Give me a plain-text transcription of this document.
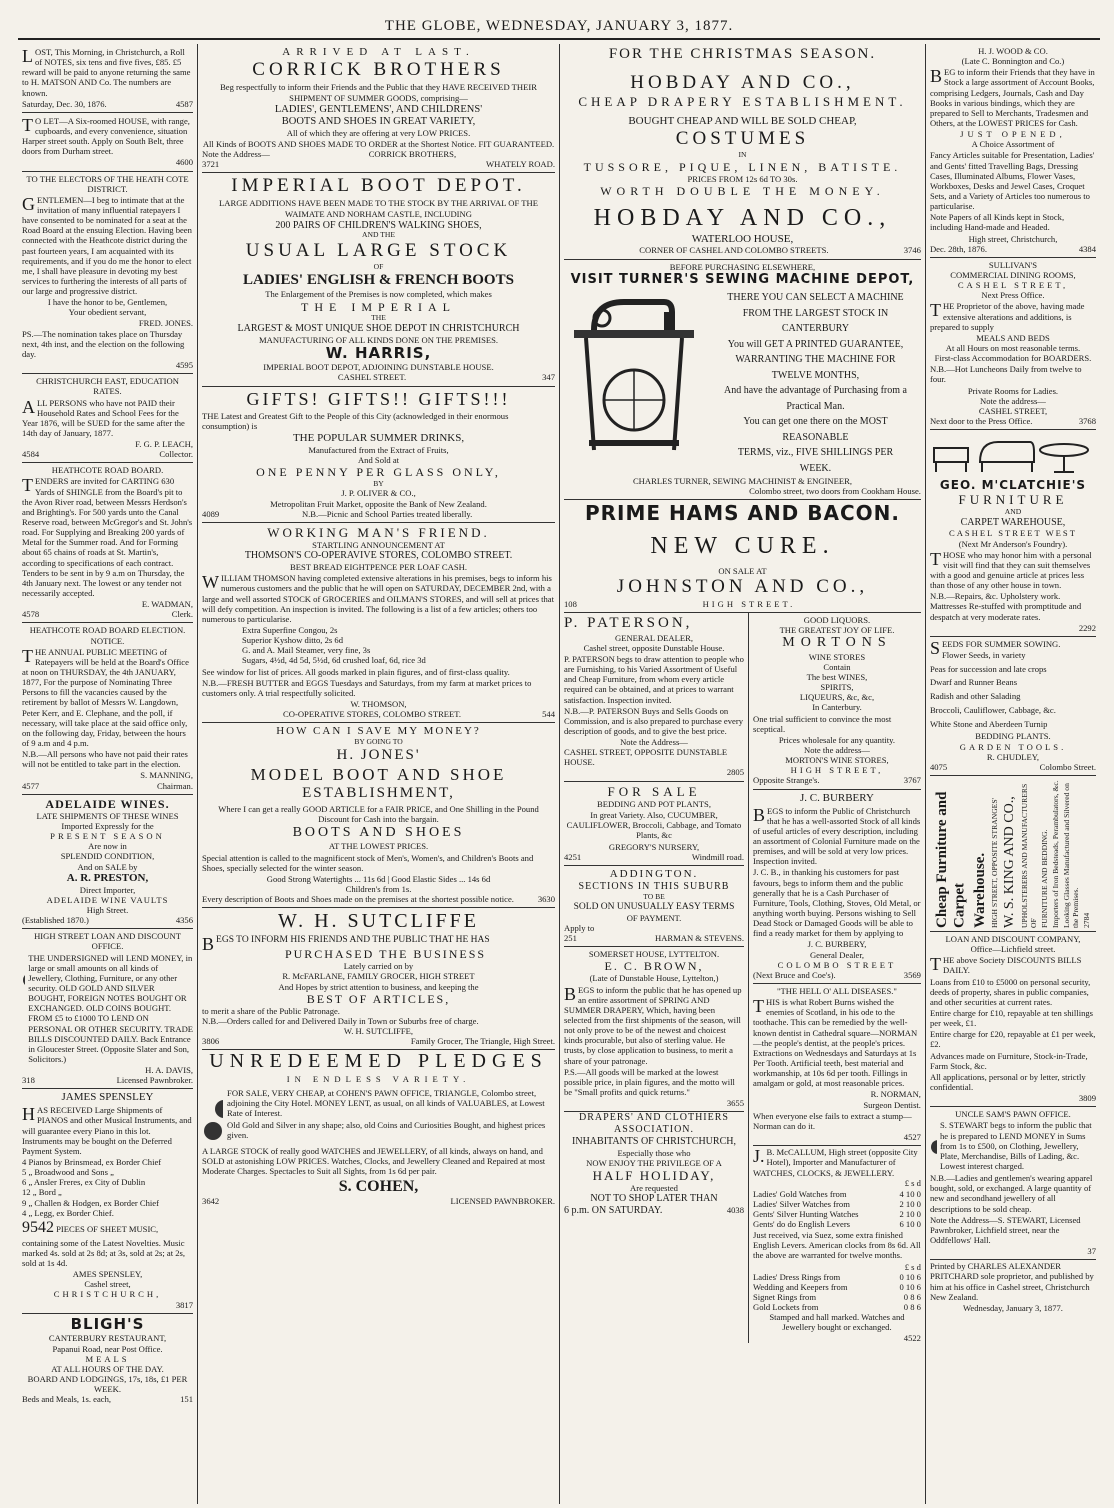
THE GLOBE, WEDNESDAY, JANUARY 3, 1877.

LOST, This Morning, in Christchurch, a Roll of NOTES, six tens and five fives, £85. £5 reward will be paid to anyone returning the same to H. MATSON AND Co. The numbers are known.

Saturday, Dec. 30, 1876.	4587

TO LET—A Six-roomed HOUSE, with range, cupboards, and every convenience, situation Harper street south. Apply on South Belt, three doors from Durham street.

4600
TO THE ELECTORS OF THE HEATH COTE DISTRICT.

GENTLEMEN—I beg to intimate that at the invitation of many influential ratepayers I have consented to be nominated for a seat at the Road Board at the ensuing Election. Having been connected with the Heathcote district during the past fourteen years, I am acquainted with its requirements, and if you do me the honor to elect me, I shall have pleasure in devoting my best services to furthering the interests of all parts of our large and progressive district.

I have the honor to be, Gentlemen,
Your obedient servant,
FRED. JONES.

PS.—The nomination takes place on Thursday next, 4th inst, and the election on the following day.

4595
CHRISTCHURCH EAST, EDUCATION RATES.

ALL PERSONS who have not PAID their Household Rates and School Fees for the Year 1876, will be SUED for the same after the 14th day of January, 1877.

F. G. P. LEACH,
4584	Collector.
HEATHCOTE ROAD BOARD.

TENDERS are invited for CARTING 630 Yards of SHINGLE from the Board's pit to the Avon River road, between Messrs Herdson's and Brighting's. For 500 yards unto the Canal Reserve road, between McGregor's and St. John's road. For Supplying and Breaking 200 yards of Metal for the Summer road. And for Forming about 65 chains of roads at St. Martin's, according to specifications of each contract. Tenders to be sent in by 9 a.m on Thursday, the 4th January next. The lowest or any tender not necessarily accepted.

E. WADMAN,
4578	Clerk.
HEATHCOTE ROAD BOARD ELECTION.
NOTICE.

THE ANNUAL PUBLIC MEETING of Ratepayers will be held at the Board's Office at noon on THURSDAY, the 4th JANUARY, 1877, For the purpose of Nominating Three Persons to fill the vacancies caused by the retirement by ballot of Messrs W. Langdown, Peter Kerr, and E. Clephane, and the poll, if necessary, will take place at the said office only, on the following day, Friday, between the hours of 9 a.m and 4 p.m.

N.B.—All persons who have not paid their rates will not be entitled to take part in the election.

S. MANNING,
4577	Chairman.
ADELAIDE WINES.
LATE SHIPMENTS OF THESE WINES
Imported Expressly for the
PRESENT SEASON
Are now in
SPLENDID CONDITION,
And on SALE by
A. R. PRESTON,
Direct Importer,
ADELAIDE WINE VAULTS
High Street.
(Established 1870.)	4356
HIGH STREET LOAN AND DISCOUNT OFFICE.

THE UNDERSIGNED will LEND MONEY, in large or small amounts on all kinds of Jewellery, Clothing, Furniture, or any other security. OLD GOLD AND SILVER BOUGHT, FOREIGN NOTES BOUGHT OR EXCHANGED. OLD COINS BOUGHT. FROM £5 to £1000 TO LEND ON PERSONAL OR OTHER SECURITY. TRADE BILLS DISCOUNTED DAILY. Back Entrance in Gloucester Street. (Opposite Slater and Son, Solicitors.)

H. A. DAVIS,
318	Licensed Pawnbroker.
JAMES SPENSLEY

HAS RECEIVED Large Shipments of PIANOS and other Musical Instruments, and will guarantee every Piano in this lot. Instruments may be bought on the Deferred Payment System.

4 Pianos by Brinsmead, ex Border Chief
5 „ Broadwood and Sons „
6 „ Ansler Freres, ex City of Dublin
12 „ Bord „
9 „ Challen & Hodgen, ex Border Chief
4 „ Legg, ex Border Chief.

9542 PIECES OF SHEET MUSIC, containing some of the Latest Novelties. Music marked 4s. sold at 2s 8d; at 3s, sold at 2s; at 2s, sold at 1s 4d.

AMES SPENSLEY,
Cashel street,
CHRISTCHURCH,
3817
BLIGH'S
CANTERBURY RESTAURANT,
Papanui Road, near Post Office.
MEALS
AT ALL HOURS OF THE DAY.
BOARD AND LODGINGS, 17s, 18s, £1 PER WEEK.
Beds and Meals, 1s. each,	151
ARRIVED AT LAST.
CORRICK BROTHERS

Beg respectfully to inform their Friends and the Public that they HAVE RECEIVED THEIR SHIPMENT OF SUMMER GOODS, comprising—

LADIES', GENTLEMENS', AND CHILDRENS'
BOOTS AND SHOES IN GREAT VARIETY,
All of which they are offering at very LOW PRICES.
All Kinds of BOOTS AND SHOES MADE TO ORDER at the Shortest Notice. FIT GUARANTEED.
Note the Address—	CORRICK BROTHERS,
3721	WHATELY ROAD.
IMPERIAL BOOT DEPOT.

LARGE ADDITIONS HAVE BEEN MADE TO THE STOCK BY THE ARRIVAL OF THE WAIMATE AND NORHAM CASTLE, INCLUDING

200 PAIRS OF CHILDREN'S WALKING SHOES,
AND THE
USUAL LARGE STOCK
OF
LADIES' ENGLISH & FRENCH BOOTS
The Enlargement of the Premises is now completed, which makes
THE IMPERIAL
THE
LARGEST & MOST UNIQUE SHOE DEPOT IN CHRISTCHURCH
MANUFACTURING OF ALL KINDS DONE ON THE PREMISES.
W. HARRIS,
IMPERIAL BOOT DEPOT, ADJOINING DUNSTABLE HOUSE.
CASHEL STREET.	347
GIFTS! GIFTS!! GIFTS!!!

THE Latest and Greatest Gift to the People of this City (acknowledged in their enormous consumption) is

THE POPULAR SUMMER DRINKS,
Manufactured from the Extract of Fruits,
And Sold at
ONE PENNY PER GLASS ONLY,
BY
J. P. OLIVER & CO.,
Metropolitan Fruit Market, opposite the Bank of New Zealand.
4089	N.B.—Picnic and School Parties treated liberally.
WORKING MAN'S FRIEND.
STARTLING ANNOUNCEMENT AT
THOMSON'S CO-OPERAVIVE STORES, COLOMBO STREET.
BEST BREAD EIGHTPENCE PER LOAF CASH.

WILLIAM THOMSON having completed extensive alterations in his premises, begs to inform his numerous customers and the public that he will open on SATURDAY, DECEMBER 2nd, with a large and well assorted STOCK of GROCERIES and OILMAN'S STORES, and will sell at prices that will defy competition. An inspection is invited. The following is a list of a few articles; others too numerous to particularise.

Extra Superfine Congou, 2s
Superior Kyshow ditto, 2s 6d
G. and A. Mail Steamer, very fine, 3s
Sugars, 4½d, 4d 5d, 5½d, 6d crushed loaf, 6d, rice 3d

See window for list of prices. All goods marked in plain figures, and of first-class quality.

N.B.—FRESH BUTTER and EGGS Tuesdays and Saturdays, from my farm at market prices to customers only. A trial respectfully solicited.

W. THOMSON,
CO-OPERATIVE STORES, COLOMBO STREET.	544
HOW CAN I SAVE MY MONEY?
BY GOING TO
H. JONES'
MODEL BOOT AND SHOE
ESTABLISHMENT,

Where I can get a really GOOD ARTICLE for a FAIR PRICE, and One Shilling in the Pound Discount for Cash into the bargain.

BOOTS AND SHOES
AT THE LOWEST PRICES.

Special attention is called to the magnificent stock of Men's, Women's, and Children's Boots and Shoes, specially selected for the winter season.

Good Strong Watertights ... 11s 6d | Good Elastic Sides ... 14s 6d
Children's from 1s.
Every description of Boots and Shoes made on the premises at the shortest possible notice.	3630
W. H. SUTCLIFFE

BEGS TO INFORM HIS FRIENDS AND THE PUBLIC THAT HE HAS

PURCHASED THE BUSINESS
Lately carried on by
R. McFARLANE, FAMILY GROCER, HIGH STREET
And Hopes by strict attention to business, and keeping the
BEST OF ARTICLES,
to merit a share of the Public Patronage.
N.B.—Orders called for and Delivered Daily in Town or Suburbs free of charge.
W. H. SUTCLIFFE,
3806	Family Grocer, The Triangle, High Street.
UNREDEEMED PLEDGES
IN ENDLESS VARIETY.

FOR SALE, VERY CHEAP, at COHEN'S PAWN OFFICE, TRIANGLE, Colombo street, adjoining the City Hotel. MONEY LENT, as usual, on all kinds of VALUABLES, at Lowest Rate of Interest.

Old Gold and Silver in any shape; also, old Coins and Curiosities Bought, and highest prices given.

A LARGE STOCK of really good WATCHES and JEWELLERY, of all kinds, always on hand, and SOLD at astonishing LOW PRICES. Watches, Clocks, and Jewellery Cleaned and Repaired at most Moderate Charges. Spectacles to Suit all Sights, from 1s 6d per pair.

S. COHEN,
3642	LICENSED PAWNBROKER.
FOR THE CHRISTMAS SEASON.
HOBDAY AND CO.,
CHEAP DRAPERY ESTABLISHMENT.
BOUGHT CHEAP AND WILL BE SOLD CHEAP,
COSTUMES
IN
TUSSORE, PIQUE, LINEN, BATISTE.
PRICES FROM 12s 6d TO 30s.
WORTH DOUBLE THE MONEY.
HOBDAY AND CO.,
WATERLOO HOUSE,
CORNER OF CASHEL AND COLOMBO STREETS.	3746
BEFORE PURCHASING ELSEWHERE,
VISIT TURNER'S SEWING MACHINE DEPOT,
THERE YOU CAN SELECT A MACHINE
FROM THE LARGEST STOCK IN
CANTERBURY
You will GET A PRINTED GUARANTEE,
WARRANTING THE MACHINE FOR
TWELVE MONTHS,
And have the advantage of Purchasing from a
Practical Man.
You can get one there on the MOST REASONABLE
TERMS, viz., FIVE SHILLINGS PER
WEEK.
CHARLES TURNER, SEWING MACHINIST & ENGINEER,
Colombo street, two doors from Cookham House.
PRIME HAMS AND BACON.
NEW CURE.
ON SALE AT
JOHNSTON AND CO.,
108	HIGH STREET.
P. PATERSON,
GENERAL DEALER,
Cashel street, opposite Dunstable House.

P. PATERSON begs to draw attention to people who are Furnishing, to his Varied Assortment of Useful and Cheap Furniture, from whom every article required can be obtained, and at prices to warrant satisfaction. Inspection invited.

N.B.—P. PATERSON Buys and Sells Goods on Commission, and is also prepared to purchase every description of goods, and to give the best price.

Note the Address—
CASHEL STREET, OPPOSITE DUNSTABLE HOUSE.
2805
FOR SALE
BEDDING AND POT PLANTS,

In great Variety. Also, CUCUMBER, CAULIFLOWER, Broccoli, Cabbage, and Tomato Plants, &c

GREGORY'S NURSERY,
4251	Windmill road.
ADDINGTON.
SECTIONS IN THIS SUBURB
TO BE
SOLD ON UNUSUALLY EASY TERMS
OF PAYMENT.
Apply to
251	HARMAN & STEVENS.
SOMERSET HOUSE, LYTTELTON.
E. C. BROWN,
(Late of Dunstable House, Lyttelton,)

BEGS to inform the public that he has opened up an entire assortment of SPRING AND SUMMER DRAPERY, Which, having been selected from the first shipments of the season, will not only prove to be of the newest and choicest kinds procurable, but also of sterling value. He trusts, by close application to business, to merit a share of your patronage.

P.S.—All goods will be marked at the lowest possible price, in plain figures, and the motto will be "Small profits and quick returns."

3655
DRAPERS' AND CLOTHIERS ASSOCIATION.
INHABITANTS OF CHRISTCHURCH,
Especially those who
NOW ENJOY THE PRIVILEGE OF A
HALF HOLIDAY,
Are requested
NOT TO SHOP LATER THAN
6 p.m. ON SATURDAY.	4038
GOOD LIQUORS.
THE GREATEST JOY OF LIFE.
MORTONS
WINE STORES
Contain
The best WINES,
SPIRITS,
LIQUEURS, &c, &c,
In Canterbury.

One trial sufficient to convince the most sceptical.

Prices wholesale for any quantity.
Note the address—
MORTON'S WINE STORES,
HIGH STREET,
Opposite Strange's.	3767
J. C. BURBERY

BEGS to inform the Public of Christchurch that he has a well-assorted Stock of all kinds of useful articles of every description, including an assortment of Colonial Furniture made on the premises, and will be sold at very low prices. Inspection invited.

J. C. B., in thanking his customers for past favours, begs to inform them and the public generally that he is a Cash Purchaser of Furniture, Tools, Clothing, Stoves, Old Metal, or anything worth buying. Persons wishing to Sell Dead Stock or Damaged Goods will be able to find a ready market for them by applying to

J. C. BURBERY,
General Dealer,
COLOMBO STREET
(Next Bruce and Coe's).	3569
"THE HELL O' ALL DISEASES."

THIS is what Robert Burns wished the enemies of Scotland, in his ode to the toothache. This can be remedied by the well-known dentist in Cathedral square—NORMAN—the people's dentist, at the people's prices. Extractions on Wednesdays and Saturdays at 1s Per Tooth. Artificial teeth, best material and workmanship, at 10s 6d per tooth. Fillings in amalgam or gold, at most reasonable prices.

R. NORMAN,
Surgeon Dentist.

When everyone else fails to extract a stump—Norman can do it.

4527

J.B. McCALLUM, High street (opposite City Hotel), Importer and Manufacturer of

WATCHES, CLOCKS, & JEWELLERY.
£ s d
Ladies' Gold Watches from	4 10 0
Ladies' Silver Watches from	2 10 0
Gents' Silver Hunting Watches	2 10 0
Gents' do do English Levers	6 10 0

Just received, via Suez, some extra finished English Levers. American clocks from 8s 6d. All the above are warranted for twelve months.

£ s d
Ladies' Dress Rings from	0 10 6
Wedding and Keepers from	0 10 6
Signet Rings from	0 8 6
Gold Lockets from	0 8 6
Stamped and hall marked. Watches and Jewellery bought or exchanged.
4522
H. J. WOOD & CO.
(Late C. Bonnington and Co.)

BEG to inform their Friends that they have in Stock a large assortment of Account Books, comprising Ledgers, Journals, Cash and Day Books in various bindings, which they are prepared to Sell to Merchants, Tradesmen and Others, at the LOWEST PRICES for Cash.

JUST OPENED,
A Choice Assortment of

Fancy Articles suitable for Presentation, Ladies' and Gents' fitted Travelling Bags, Dressing Cases, Illuminated Albums, Flower Vases, Workboxes, Desks and Jewel Cases, Croquet Sets, and a Variety of Articles too numerous to particularise.

Note Papers of all Kinds kept in Stock, including Hand-made and Headed.

High street, Christchurch,
Dec. 28th, 1876.	4384
SULLIVAN'S
COMMERCIAL DINING ROOMS,
CASHEL STREET,
Next Press Office.

THE Proprietor of the above, having made extensive alterations and additions, is prepared to supply

MEALS AND BEDS
At all Hours on most reasonable terms.
First-class Accommodation for BOARDERS.

N.B.—Hot Luncheons Daily from twelve to four.

Private Rooms for Ladies.
Note the address—
CASHEL STREET,
Next door to the Press Office.	3768
GEO. M'CLATCHIE'S
FURNITURE
AND
CARPET WAREHOUSE,
CASHEL STREET WEST
(Next Mr Anderson's Foundry).

THOSE who may honor him with a personal visit will find that they can suit themselves with a good and genuine article at prices less than those of any other house in town.

N.B.—Repairs, &c. Upholstery work. Mattresses Re-stuffed with promptitude and despatch at very moderate rates.

2292
SEEDS FOR SUMMER SOWING.
Flower Seeds, in variety
Peas for succession and late crops
Dwarf and Runner Beans
Radish and other Salading
Broccoli, Cauliflower, Cabbage, &c.
White Stone and Aberdeen Turnip
BEDDING PLANTS.
GARDEN TOOLS.
R. CHUDLEY,
4075	Colombo Street.
Cheap Furniture and Carpet Warehouse. HIGH STREET, OPPOSITE STRANGES' W. S. KING AND CO., UPHOLSTERERS AND MANUFACTURERS OF FURNITURE AND BEDDING. Importers of Iron Bedsteads, Perambulators, &c. Looking Glasses Manufactured and Silvered on the Premises. 2784
LOAN AND DISCOUNT COMPANY,
Office—Lichfield street.

THE above Society DISCOUNTS BILLS DAILY.

Loans from £10 to £5000 on personal security, deeds of property, shares in public companies, and other securities at current rates.

Entire charge for £10, repayable at ten shillings per week, £1.

Entire charge for £20, repayable at £1 per week, £2.

Advances made on Furniture, Stock-in-Trade, Farm Stock, &c.

All applications, personal or by letter, strictly confidential.

3809
UNCLE SAM'S PAWN OFFICE.

S. STEWART begs to inform the public that he is prepared to LEND MONEY in Sums from 1s to £500, on Clothing, Jewellery, Plate, Merchandise, Bills of Lading, &c. Lowest interest charged.

N.B.—Ladies and gentlemen's wearing apparel bought, sold, or exchanged. A large quantity of new and secondhand jewellery of all descriptions to be sold cheap.

Note the Address—S. STEWART, Licensed Pawnbroker, Lichfield street, near the Oddfellows' Hall.

37

Printed by CHARLES ALEXANDER PRITCHARD sole proprietor, and published by him at his office in Cashel street, Christchurch New Zealand.

Wednesday, January 3, 1877.
